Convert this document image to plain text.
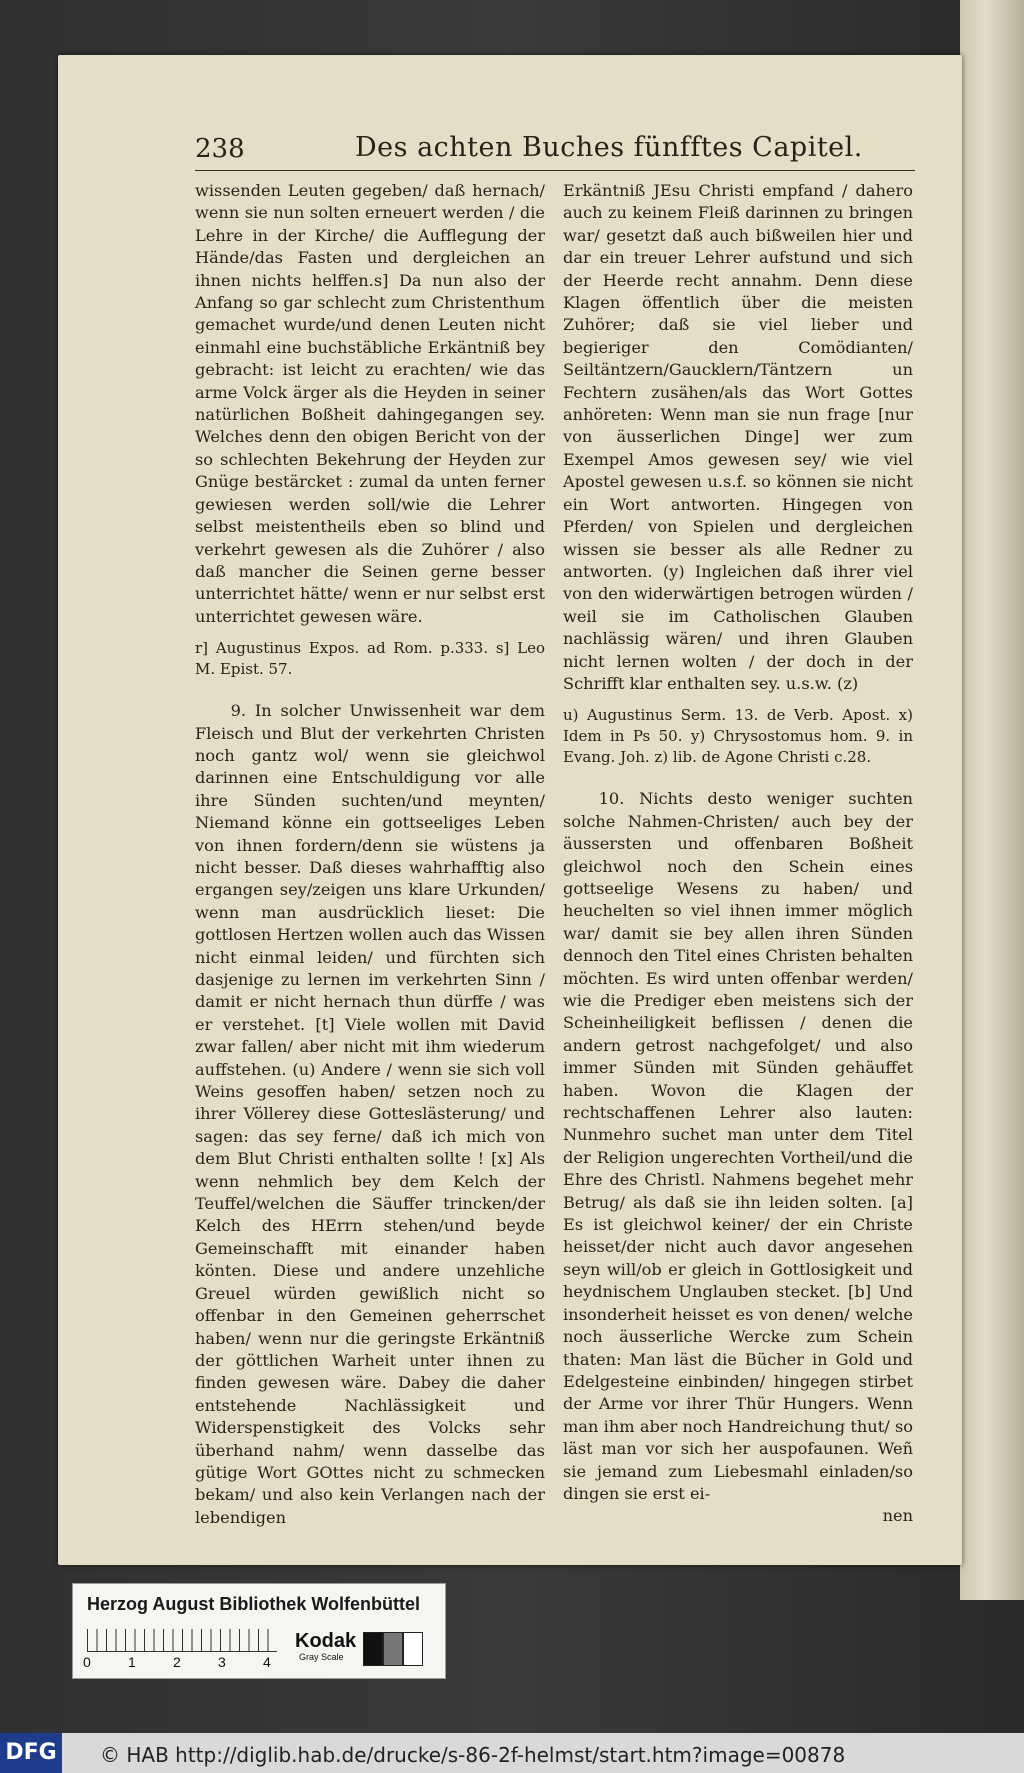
238	Des achten Buches fünfftes Capitel.

wissenden Leuten gegeben/ daß hernach/ wenn sie nun solten erneuert werden / die Lehre in der Kirche/ die Aufflegung der Hände/das Fasten und dergleichen an ihnen nichts helffen.s] Da nun also der Anfang so gar schlecht zum Christenthum gemachet wurde/und denen Leuten nicht einmahl eine buchstäbliche Erkäntniß bey gebracht: ist leicht zu erachten/ wie das arme Volck ärger als die Heyden in seiner natürlichen Boßheit dahingegangen sey. Welches denn den obigen Bericht von der so schlechten Bekehrung der Heyden zur Gnüge bestärcket : zumal da unten ferner gewiesen werden soll/wie die Lehrer selbst meistentheils eben so blind und verkehrt gewesen als die Zuhörer / also daß mancher die Seinen gerne besser unterrichtet hätte/ wenn er nur selbst erst unterrichtet gewesen wäre.

r] Augustinus Expos. ad Rom. p.333. s] Leo M. Epist. 57.

9. In solcher Unwissenheit war dem Fleisch und Blut der verkehrten Christen noch gantz wol/ wenn sie gleichwol darinnen eine Entschuldigung vor alle ihre Sünden suchten/und meynten/ Niemand könne ein gottseeliges Leben von ihnen fordern/denn sie wüstens ja nicht besser. Daß dieses wahrhafftig also ergangen sey/zeigen uns klare Urkunden/ wenn man ausdrücklich lieset: Die gottlosen Hertzen wollen auch das Wissen nicht einmal leiden/ und fürchten sich dasjenige zu lernen im verkehrten Sinn / damit er nicht hernach thun dürffe / was er verstehet. [t] Viele wollen mit David zwar fallen/ aber nicht mit ihm wiederum auffstehen. (u) Andere / wenn sie sich voll Weins gesoffen haben/ setzen noch zu ihrer Völlerey diese Gotteslästerung/ und sagen: das sey ferne/ daß ich mich von dem Blut Christi enthalten sollte ! [x] Als wenn nehmlich bey dem Kelch der Teuffel/welchen die Säuffer trincken/der Kelch des HErrn stehen/und beyde Gemeinschafft mit einander haben könten. Diese und andere unzehliche Greuel würden gewißlich nicht so offenbar in den Gemeinen geherrschet haben/ wenn nur die geringste Erkäntniß der göttlichen Warheit unter ihnen zu finden gewesen wäre. Dabey die daher entstehende Nachlässigkeit und Widerspenstigkeit des Volcks sehr überhand nahm/ wenn dasselbe das gütige Wort GOttes nicht zu schmecken bekam/ und also kein Verlangen nach der lebendigen

Erkäntniß JEsu Christi empfand / dahero auch zu keinem Fleiß darinnen zu bringen war/ gesetzt daß auch bißweilen hier und dar ein treuer Lehrer aufstund und sich der Heerde recht annahm. Denn diese Klagen öffentlich über die meisten Zuhörer; daß sie viel lieber und begieriger den Comödianten/ Seiltäntzern/Gaucklern/Täntzern un Fechtern zusähen/als das Wort Gottes anhöreten: Wenn man sie nun frage [nur von äusserlichen Dinge] wer zum Exempel Amos gewesen sey/ wie viel Apostel gewesen u.s.f. so können sie nicht ein Wort antworten. Hingegen von Pferden/ von Spielen und dergleichen wissen sie besser als alle Redner zu antworten. (y) Ingleichen daß ihrer viel von den widerwärtigen betrogen würden / weil sie im Catholischen Glauben nachlässig wären/ und ihren Glauben nicht lernen wolten / der doch in der Schrifft klar enthalten sey. u.s.w. (z)

u) Augustinus Serm. 13. de Verb. Apost. x) Idem in Ps 50. y) Chrysostomus hom. 9. in Evang. Joh. z) lib. de Agone Christi c.28.

10. Nichts desto weniger suchten solche Nahmen-Christen/ auch bey der äussersten und offenbaren Boßheit gleichwol noch den Schein eines gottseelige Wesens zu haben/ und heuchelten so viel ihnen immer möglich war/ damit sie bey allen ihren Sünden dennoch den Titel eines Christen behalten möchten. Es wird unten offenbar werden/ wie die Prediger eben meistens sich der Scheinheiligkeit beflissen / denen die andern getrost nachgefolget/ und also immer Sünden mit Sünden gehäuffet haben. Wovon die Klagen der rechtschaffenen Lehrer also lauten: Nunmehro suchet man unter dem Titel der Religion ungerechten Vortheil/und die Ehre des Christl. Nahmens begehet mehr Betrug/ als daß sie ihn leiden solten. [a] Es ist gleichwol keiner/ der ein Christe heisset/der nicht auch davor angesehen seyn will/ob er gleich in Gottlosigkeit und heydnischem Unglauben stecket. [b] Und insonderheit heisset es von denen/ welche noch äusserliche Wercke zum Schein thaten: Man läst die Bücher in Gold und Edelgesteine einbinden/ hingegen stirbet der Arme vor ihrer Thür Hungers. Wenn man ihm aber noch Handreichung thut/ so läst man vor sich her auspofaunen. Weñ sie jemand zum Liebesmahl einladen/so dingen sie erst ei-

nen

Herzog August Bibliothek Wolfenbüttel
0	1	2	3	4
Kodak
Gray Scale
DFG © HAB http://diglib.hab.de/drucke/s-86-2f-helmst/start.htm?image=00878
